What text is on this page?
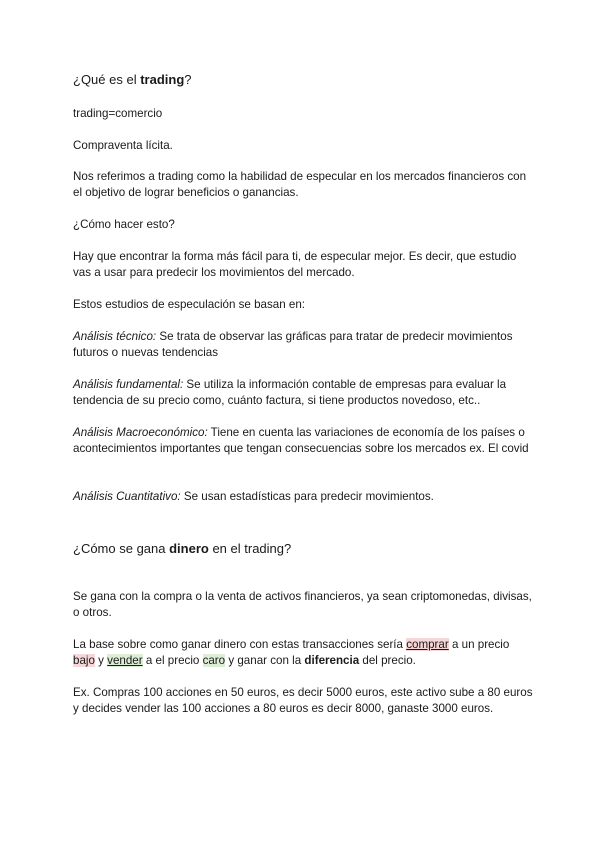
¿Qué es el trading?
trading=comercio
Compraventa lícita.
Nos referimos a trading como la habilidad de especular en los mercados financieros con el objetivo de lograr beneficios o ganancias.
¿Cómo hacer esto?
Hay que encontrar la forma más fácil para ti, de especular mejor. Es decir, que estudio vas a usar para predecir los movimientos del mercado.
Estos estudios de especulación se basan en:
Análisis técnico: Se trata de observar las gráficas para tratar de predecir movimientos futuros o nuevas tendencias
Análisis fundamental: Se utiliza la información contable de empresas para evaluar la tendencia de su precio como, cuánto factura, si tiene productos novedoso, etc..
Análisis Macroeconómico: Tiene en cuenta las variaciones de economía de los países o acontecimientos importantes que tengan consecuencias sobre los mercados ex. El covid
Análisis Cuantitativo: Se usan estadísticas para predecir movimientos.
¿Cómo se gana dinero en el trading?
Se gana con la compra o la venta de activos financieros, ya sean criptomonedas, divisas, o otros.
La base sobre como ganar dinero con estas transacciones sería comprar a un precio bajo y vender a el precio caro y ganar con la diferencia del precio.
Ex. Compras 100 acciones en 50 euros, es decir 5000 euros, este activo sube a 80 euros y decides vender las 100 acciones a 80 euros es decir 8000, ganaste 3000 euros.
